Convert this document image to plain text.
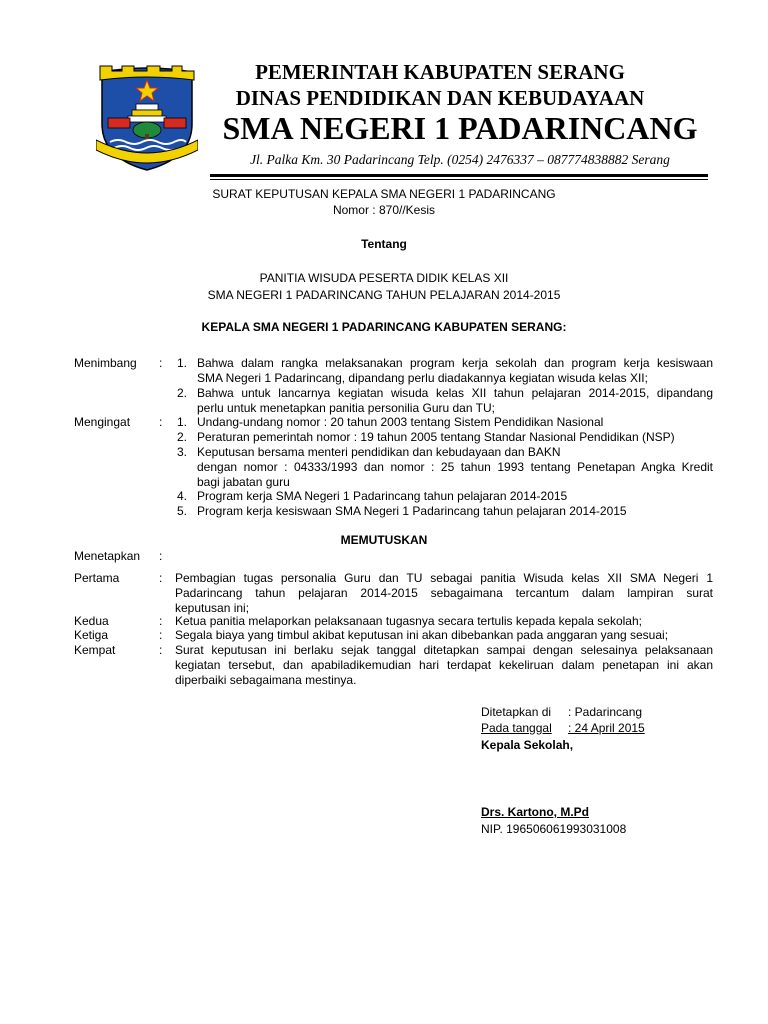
PEMERINTAH KABUPATEN SERANG
DINAS PENDIDIKAN DAN KEBUDAYAAN
SMA NEGERI 1 PADARINCANG
Jl. Palka Km. 30 Padarincang Telp. (0254) 2476337 – 087774838882 Serang
SURAT KEPUTUSAN KEPALA SMA NEGERI 1 PADARINCANG
Nomor : 870//Kesis
Tentang
PANITIA WISUDA PESERTA DIDIK KELAS XII
SMA NEGERI 1 PADARINCANG TAHUN PELAJARAN 2014-2015
KEPALA SMA NEGERI 1 PADARINCANG KABUPATEN SERANG:
Menimbang : 1. Bahwa dalam rangka melaksanakan program kerja sekolah dan program kerja kesiswaan
SMA Negeri 1 Padarincang, dipandang perlu diadakannya kegiatan wisuda kelas XII;
2. Bahwa untuk lancarnya kegiatan wisuda kelas XII tahun pelajaran 2014-2015, dipandang
perlu untuk menetapkan panitia personilia Guru dan TU;
Mengingat : 1. Undang-undang nomor : 20 tahun 2003 tentang Sistem Pendidikan Nasional
2. Peraturan pemerintah nomor : 19 tahun 2005 tentang Standar Nasional Pendidikan (NSP)
3. Keputusan bersama menteri pendidikan dan kebudayaan dan BAKN
dengan nomor : 04333/1993 dan nomor : 25 tahun 1993 tentang Penetapan Angka Kredit
bagi jabatan guru
4. Program kerja SMA Negeri 1 Padarincang tahun pelajaran 2014-2015
5. Program kerja kesiswaan SMA Negeri 1 Padarincang tahun pelajaran 2014-2015
MEMUTUSKAN
Menetapkan :
Pertama	: Pembagian tugas personalia Guru dan TU sebagai panitia Wisuda kelas XII SMA Negeri 1
Padarincang tahun pelajaran 2014-2015 sebagaimana tercantum dalam lampiran surat
keputusan ini;
Kedua	: Ketua panitia melaporkan pelaksanaan tugasnya secara tertulis kepada kepala sekolah;
Ketiga	: Segala biaya yang timbul akibat keputusan ini akan dibebankan pada anggaran yang sesuai;
Kempat	: Surat keputusan ini berlaku sejak tanggal ditetapkan sampai dengan selesainya pelaksanaan
kegiatan tersebut, dan apabiladikemudian hari terdapat kekeliruan dalam penetapan ini akan
diperbaiki sebagaimana mestinya.
Ditetapkan di : Padarincang
Pada tanggal : 24 April 2015
Kepala Sekolah,
Drs. Kartono, M.Pd
NIP. 196506061993031008
